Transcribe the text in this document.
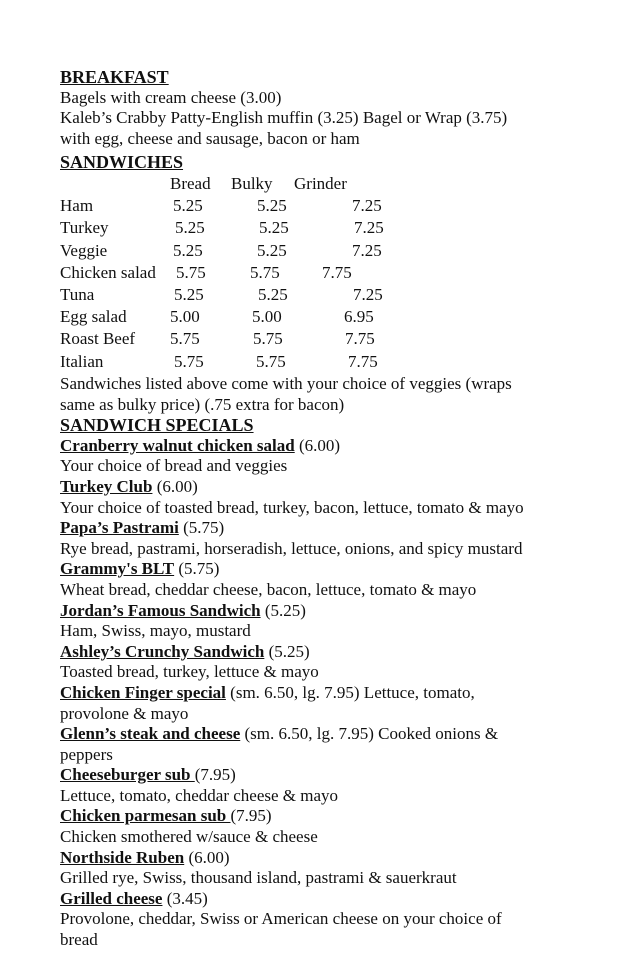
BREAKFAST
Bagels with cream cheese (3.00)
Kaleb’s Crabby Patty-English muffin (3.25) Bagel or Wrap (3.75)
with egg, cheese and sausage, bacon or ham
SANDWICHES
Bread Bulky Grinder
Ham	5.25	5.25	7.25
Turkey	5.25	5.25	7.25
Veggie	5.25	5.25	7.25
Chicken salad 5.75	5.75 7.75
Tuna	5.25	5.25	7.25
Egg salad	5.00	5.00	6.95
Roast Beef 5.75	5.75	7.75
Italian	5.75	5.75	7.75
Sandwiches listed above come with your choice of veggies (wraps
same as bulky price) (.75 extra for bacon)
SANDWICH SPECIALS
Cranberry walnut chicken salad (6.00)
Your choice of bread and veggies
Turkey Club (6.00)
Your choice of toasted bread, turkey, bacon, lettuce, tomato & mayo
Papa’s Pastrami (5.75)
Rye bread, pastrami, horseradish, lettuce, onions, and spicy mustard
Grammy's BLT (5.75)
Wheat bread, cheddar cheese, bacon, lettuce, tomato & mayo
Jordan’s Famous Sandwich (5.25)
Ham, Swiss, mayo, mustard
Ashley’s Crunchy Sandwich (5.25)
Toasted bread, turkey, lettuce & mayo
Chicken Finger special (sm. 6.50, lg. 7.95) Lettuce, tomato,
provolone & mayo
Glenn’s steak and cheese (sm. 6.50, lg. 7.95) Cooked onions &
peppers
Cheeseburger sub (7.95)
Lettuce, tomato, cheddar cheese & mayo
Chicken parmesan sub (7.95)
Chicken smothered w/sauce & cheese
Northside Ruben (6.00)
Grilled rye, Swiss, thousand island, pastrami & sauerkraut
Grilled cheese (3.45)
Provolone, cheddar, Swiss or American cheese on your choice of
bread
